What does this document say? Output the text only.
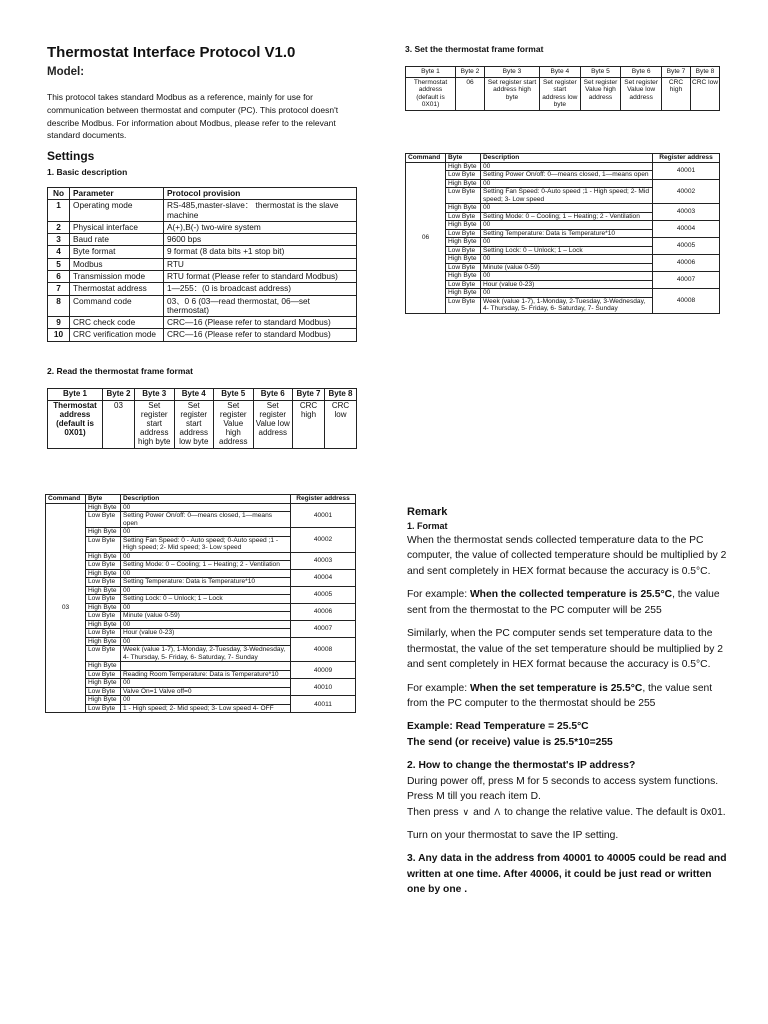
Thermostat Interface Protocol V1.0
Model:
This protocol takes standard Modbus as a reference, mainly for use for communication between thermostat and computer (PC). This protocol doesn't describe Modbus. For information about Modbus, please refer to the relevant standard documents.
Settings
1. Basic description
No	Parameter	Protocol provision
1	Operating mode	RS-485,master-slave： thermostat is the slave machine
2	Physical interface	A(+),B(-) two-wire system
3	Baud rate	9600 bps
4	Byte format	9 format (8 data bits +1 stop bit)
5	Modbus	RTU
6	Transmission mode	RTU format (Please refer to standard Modbus)
7	Thermostat address	1—255：(0 is broadcast address)
8	Command code	03、0 6 (03—read thermostat, 06—set thermostat)
9	CRC check code	CRC—16 (Please refer to standard Modbus)
10	CRC verification mode	CRC—16 (Please refer to standard Modbus)
2. Read the thermostat frame format
Byte 1	Byte 2	Byte 3	Byte 4	Byte 5	Byte 6	Byte 7	Byte 8
Thermostat address (default is 0X01)	03	Set register start address high byte	Set register start address low byte	Set register Value high address	Set register Value low address	CRC high	CRC low
Command	Byte	Description	Register address
03	High Byte	00	40001
	Low Byte	Setting Power On/off: 0—means closed, 1—means open	
	High Byte	00	40002
	Low Byte	Setting Fan Speed: 0 - Auto speed; 0-Auto speed ;1 - High speed; 2- Mid speed; 3- Low speed	
	High Byte	00	40003
	Low Byte	Setting Mode: 0 – Cooling; 1 – Heating; 2 - Ventilation	
	High Byte	00	40004
	Low Byte	Setting Temperature: Data is Temperature*10	
	High Byte	00	40005
	Low Byte	Setting Lock: 0 – Unlock; 1 – Lock	
	High Byte	00	40006
	Low Byte	Minute (value 0-59)	
	High Byte	00	40007
	Low Byte	Hour (value 0-23)	
	High Byte	00	40008
	Low Byte	Week (value 1-7), 1-Monday, 2-Tuesday, 3-Wednesday, 4- Thursday, 5- Friday, 6- Saturday, 7- Sunday	
	High Byte		40009
	Low Byte	Reading Room Temperature: Data is Temperature*10	
	High Byte	00	40010
	Low Byte	Valve On=1 Valve off=0	
	High Byte	00	40011
	Low Byte	1 - High speed; 2- Mid speed; 3- Low speed 4- OFF	
3. Set the thermostat frame format
Byte 1	Byte 2	Byte 3	Byte 4	Byte 5	Byte 6	Byte 7	Byte 8
Thermostat address (default is 0X01)	06	Set register start address high byte	Set register start address low byte	Set register Value high address	Set register Value low address	CRC high	CRC low
Command	Byte	Description	Register address
06	High Byte	00	40001
	Low Byte	Setting Power On/off: 0—means closed, 1—means open	
	High Byte	00	40002
	Low Byte	Setting Fan Speed: 0-Auto speed ;1 - High speed; 2- Mid speed; 3- Low speed	
	High Byte	00	40003
	Low Byte	Setting Mode: 0 – Cooling; 1 – Heating; 2 - Ventilation	
	High Byte	00	40004
	Low Byte	Setting Temperature: Data is Temperature*10	
	High Byte	00	40005
	Low Byte	Setting Lock: 0 – Unlock; 1 – Lock	
	High Byte	00	40006
	Low Byte	Minute (value 0-59)	
	High Byte	00	40007
	Low Byte	Hour (value 0-23)	
	High Byte	00	40008
	Low Byte	Week (value 1-7), 1-Monday, 2-Tuesday, 3-Wednesday, 4- Thursday, 5- Friday, 6- Saturday, 7- Sunday	
Remark
1. Format

When the thermostat sends collected temperature data to the PC computer, the value of collected temperature should be multiplied by 2 and sent completely in HEX format because the accuracy is 0.5°C.

For example: When the collected temperature is 25.5°C, the value sent from the thermostat to the PC computer will be 255

Similarly, when the PC computer sends set temperature data to the thermostat, the value of the set temperature should be multiplied by 2 and sent completely in HEX format because the accuracy is 0.5°C.

For example: When the set temperature is 25.5°C, the value sent from the PC computer to the thermostat should be 255

Example: Read Temperature = 25.5°C

The send (or receive) value is 25.5*10=255

2. How to change the thermostat's IP address?

During power off, press M for 5 seconds to access system functions.

Press M till you reach item D.

Then press ∨ and Λ to change the relative value. The default is 0x01.

Turn on your thermostat to save the IP setting.

3. Any data in the address from 40001 to 40005 could be read and written at one time. After 40006, it could be just read or written one by one .
